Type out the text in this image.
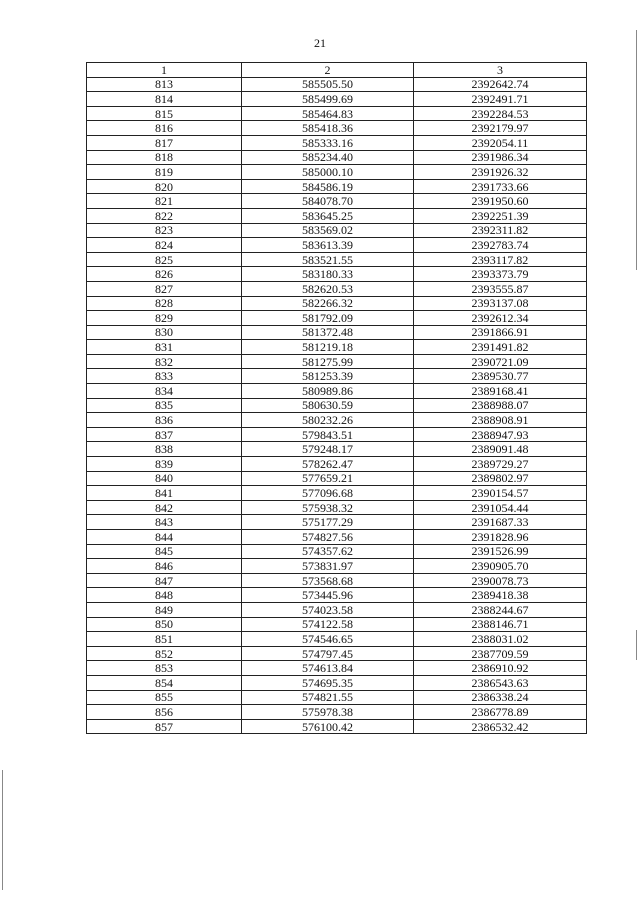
21
1	2	3
813	585505.50	2392642.74
814	585499.69	2392491.71
815	585464.83	2392284.53
816	585418.36	2392179.97
817	585333.16	2392054.11
818	585234.40	2391986.34
819	585000.10	2391926.32
820	584586.19	2391733.66
821	584078.70	2391950.60
822	583645.25	2392251.39
823	583569.02	2392311.82
824	583613.39	2392783.74
825	583521.55	2393117.82
826	583180.33	2393373.79
827	582620.53	2393555.87
828	582266.32	2393137.08
829	581792.09	2392612.34
830	581372.48	2391866.91
831	581219.18	2391491.82
832	581275.99	2390721.09
833	581253.39	2389530.77
834	580989.86	2389168.41
835	580630.59	2388988.07
836	580232.26	2388908.91
837	579843.51	2388947.93
838	579248.17	2389091.48
839	578262.47	2389729.27
840	577659.21	2389802.97
841	577096.68	2390154.57
842	575938.32	2391054.44
843	575177.29	2391687.33
844	574827.56	2391828.96
845	574357.62	2391526.99
846	573831.97	2390905.70
847	573568.68	2390078.73
848	573445.96	2389418.38
849	574023.58	2388244.67
850	574122.58	2388146.71
851	574546.65	2388031.02
852	574797.45	2387709.59
853	574613.84	2386910.92
854	574695.35	2386543.63
855	574821.55	2386338.24
856	575978.38	2386778.89
857	576100.42	2386532.42
